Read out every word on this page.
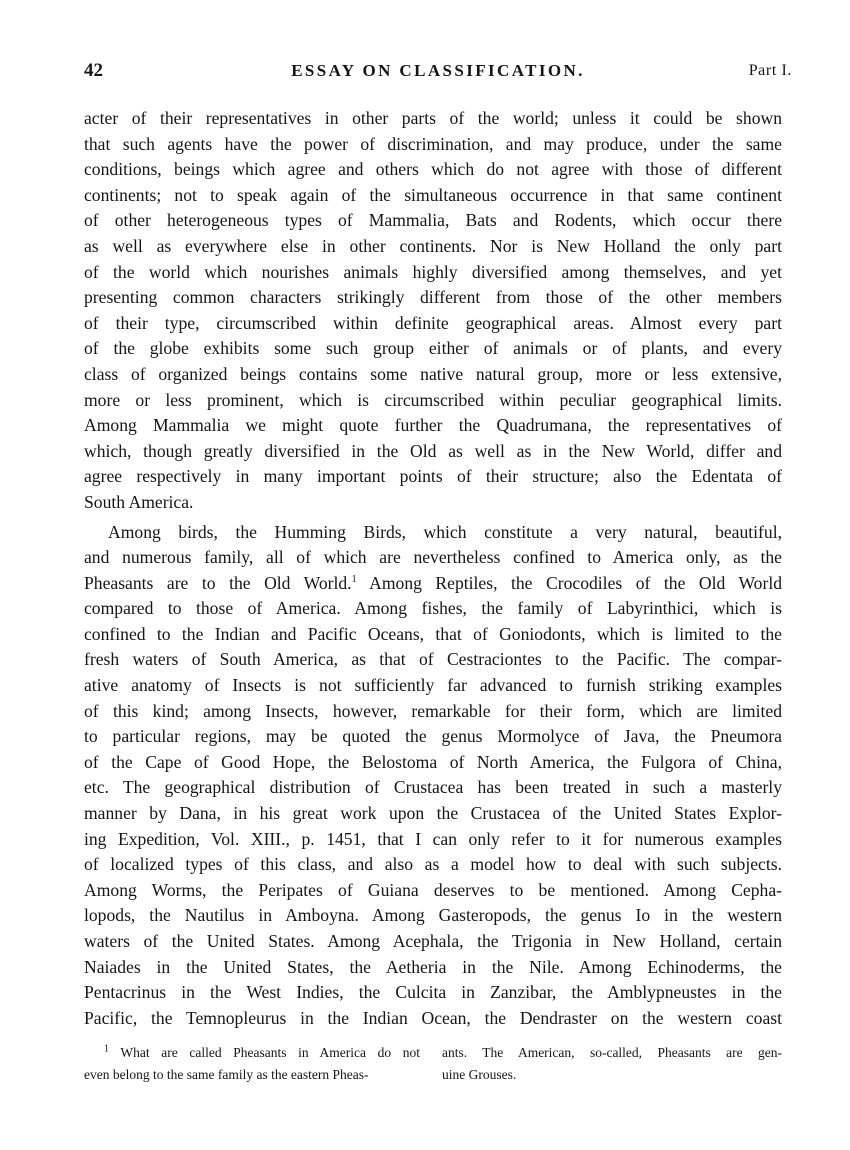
42	ESSAY ON CLASSIFICATION.	Part I.

acter of their representatives in other parts of the world; unless it could be shown
that such agents have the power of discrimination, and may produce, under the same
conditions, beings which agree and others which do not agree with those of different
continents; not to speak again of the simultaneous occurrence in that same continent
of other heterogeneous types of Mammalia, Bats and Rodents, which occur there
as well as everywhere else in other continents. Nor is New Holland the only part
of the world which nourishes animals highly diversified among themselves, and yet
presenting common characters strikingly different from those of the other members
of their type, circumscribed within definite geographical areas. Almost every part
of the globe exhibits some such group either of animals or of plants, and every
class of organized beings contains some native natural group, more or less extensive,
more or less prominent, which is circumscribed within peculiar geographical limits.
Among Mammalia we might quote further the Quadrumana, the representatives of
which, though greatly diversified in the Old as well as in the New World, differ and
agree respectively in many important points of their structure; also the Edentata of
South America.

Among birds, the Humming Birds, which constitute a very natural, beautiful,
and numerous family, all of which are nevertheless confined to America only, as the
Pheasants are to the Old World.$^1$ Among Reptiles, the Crocodiles of the Old World
compared to those of America. Among fishes, the family of Labyrinthici, which is
confined to the Indian and Pacific Oceans, that of Goniodonts, which is limited to the
fresh waters of South America, as that of Cestraciontes to the Pacific. The compar-
ative anatomy of Insects is not sufficiently far advanced to furnish striking examples
of this kind; among Insects, however, remarkable for their form, which are limited
to particular regions, may be quoted the genus Mormolyce of Java, the Pneumora
of the Cape of Good Hope, the Belostoma of North America, the Fulgora of China,
etc. The geographical distribution of Crustacea has been treated in such a masterly
manner by Dana, in his great work upon the Crustacea of the United States Explor-
ing Expedition, Vol. XIII., p. 1451, that I can only refer to it for numerous examples
of localized types of this class, and also as a model how to deal with such subjects.
Among Worms, the Peripates of Guiana deserves to be mentioned. Among Cepha-
lopods, the Nautilus in Amboyna. Among Gasteropods, the genus Io in the western
waters of the United States. Among Acephala, the Trigonia in New Holland, certain
Naiades in the United States, the Aetheria in the Nile. Among Echinoderms, the
Pentacrinus in the West Indies, the Culcita in Zanzibar, the Amblypneustes in the
Pacific, the Temnopleurus in the Indian Ocean, the Dendraster on the western coast

$^1$ What are called Pheasants in America do not
even belong to the same family as the eastern Pheas-
ants. The American, so-called, Pheasants are gen-
uine Grouses.
